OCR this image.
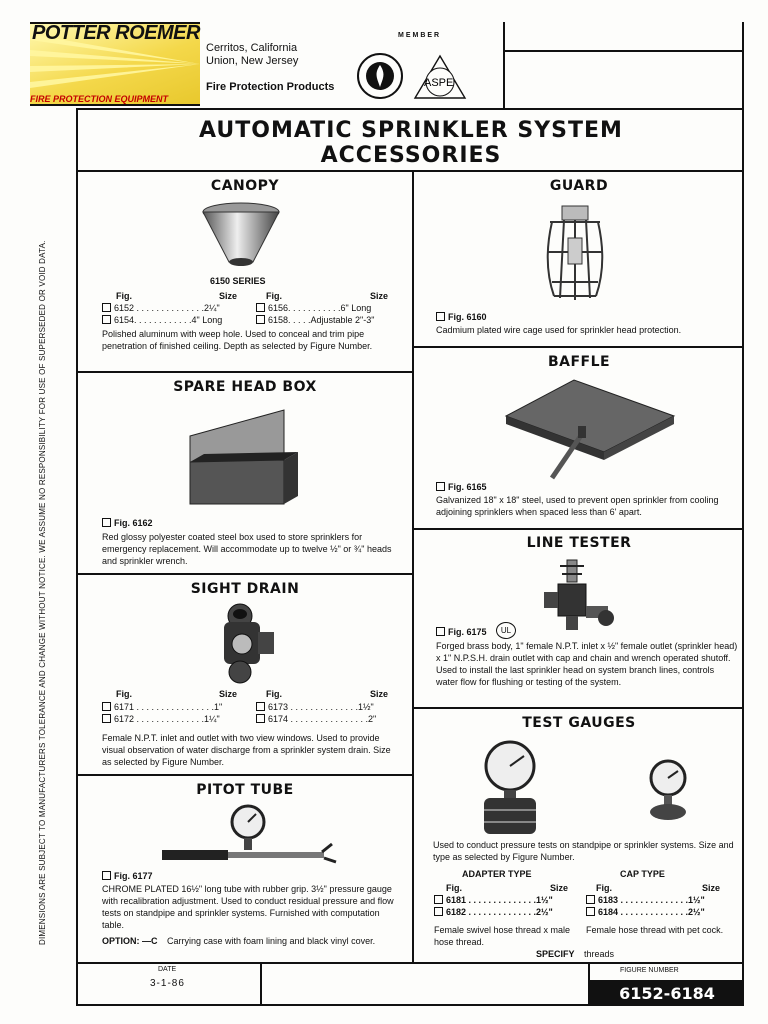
POTTER ROEMER
FIRE PROTECTION EQUIPMENT
Cerritos, California
Union, New Jersey
Fire Protection Products
MEMBER
ASPE
AUTOMATIC SPRINKLER SYSTEM
ACCESSORIES
DIMENSIONS ARE SUBJECT TO MANUFACTURERS TOLERANCE AND CHANGE WITHOUT NOTICE. WE ASSUME NO RESPONSIBILITY FOR USE OF SUPERSEDED OR VOID DATA.
CANOPY
6150 SERIES
Fig.	Size	Fig.	Size
6152 . . . . . . . . . . . . . .2¼"
6154. . . . . . . . . . . .4" Long
6156. . . . . . . . . . .6" Long
6158. . . . .Adjustable 2"-3"
Polished aluminum with weep hole. Used to conceal and trim pipe penetration of finished ceiling. Depth as selected by Figure Number.
GUARD
Fig. 6160
Cadmium plated wire cage used for sprinkler head protection.
BAFFLE
Fig. 6165
Galvanized 18" x 18" steel, used to prevent open sprinkler from cooling adjoining sprinklers when spaced less than 6' apart.
SPARE HEAD BOX
Fig. 6162
Red glossy polyester coated steel box used to store sprinklers for emergency replacement. Will accommodate up to twelve ½" or ¾" heads and sprinkler wrench.
LINE TESTER
Fig. 6175	UL
Forged brass body, 1" female N.P.T. inlet x ½" female outlet (sprinkler head) x 1" N.P.S.H. drain outlet with cap and chain and wrench operated shutoff. Used to install the last sprinkler head on system branch lines, controls water flow for flushing or testing of the system.
SIGHT DRAIN
Fig.	Size	Fig.	Size
6171 . . . . . . . . . . . . . . . .1"
6172 . . . . . . . . . . . . . .1¼"
6173 . . . . . . . . . . . . . .1½"
6174 . . . . . . . . . . . . . . . .2"
Female N.P.T. inlet and outlet with two view windows. Used to provide visual observation of water discharge from a sprinkler system drain. Size as selected by Figure Number.
TEST GAUGES
Used to conduct pressure tests on standpipe or sprinkler systems. Size and type as selected by Figure Number.
ADAPTER TYPE	CAP TYPE
Fig.	Size	Fig.	Size
6181 . . . . . . . . . . . . . .1½"
6182 . . . . . . . . . . . . . .2½"
6183 . . . . . . . . . . . . . .1½"
6184 . . . . . . . . . . . . . .2½"
Female swivel hose thread x male hose thread.
Female hose thread with pet cock.
SPECIFY threads
PITOT TUBE
Fig. 6177
CHROME PLATED 16½" long tube with rubber grip. 3½" pressure gauge with recalibration adjustment. Used to conduct residual pressure and flow tests on standpipe and sprinkler systems. Furnished with computation table.
OPTION: —C	Carrying case with foam lining and black vinyl cover.
DATE
3-1-86
FIGURE NUMBER
6152-6184
